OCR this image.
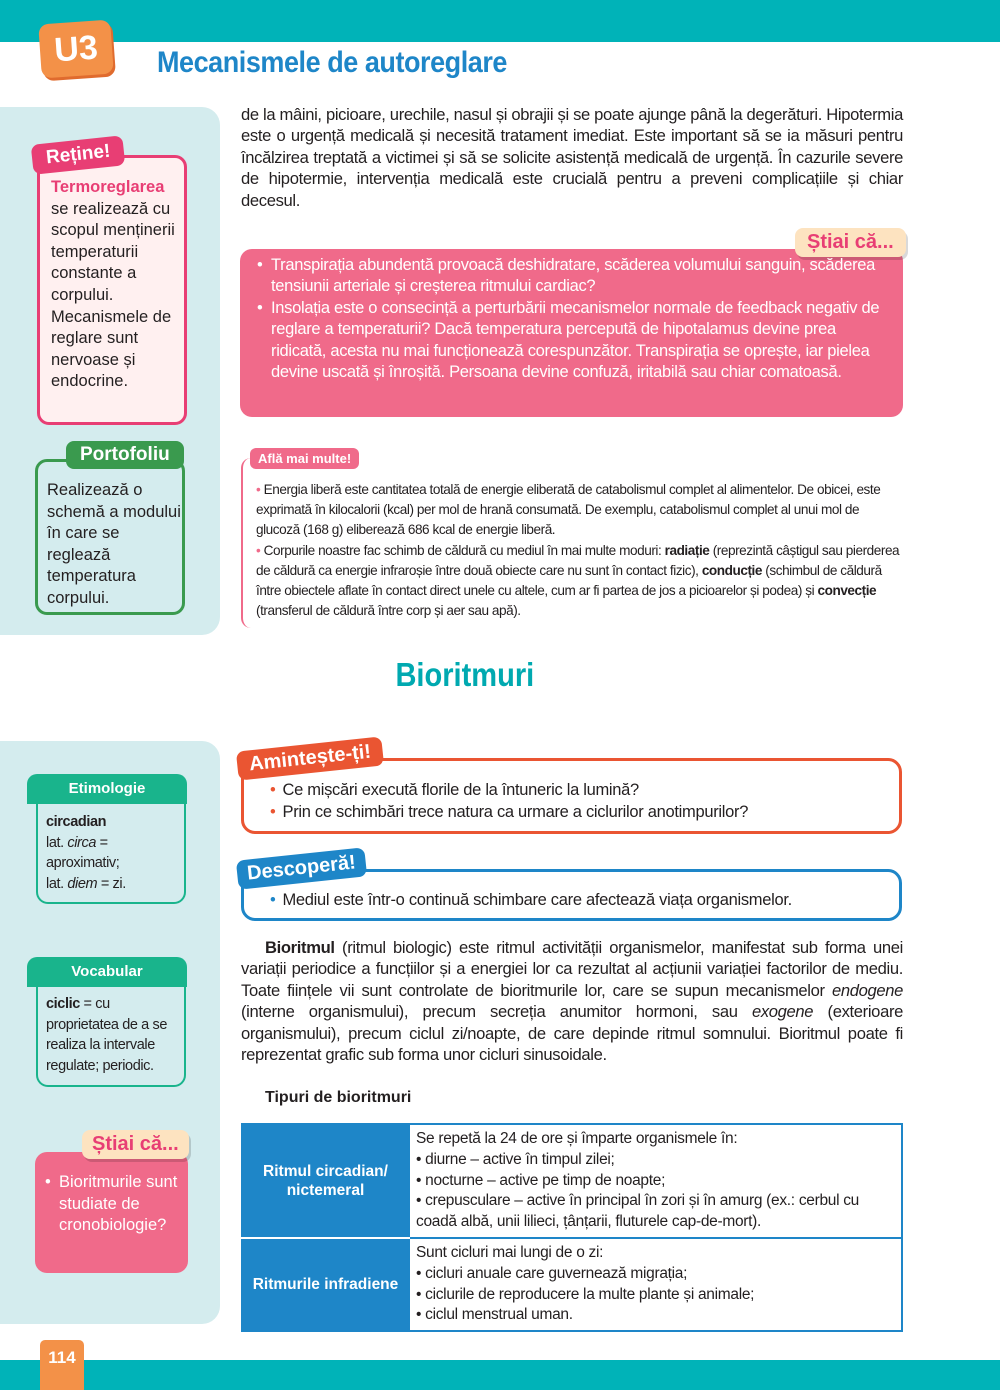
U3	Mecanismele de autoreglare
Reține!
Termoreglarea
se realizează cu scopul menținerii temperaturii constante a corpului. Mecanismele de reglare sunt nervoase și endocrine.
Portofoliu
Realizează o schemă a modului în care se reglează temperatura corpului.

de la mâini, picioare, urechile, nasul și obrajii și se poate ajunge până la degerături. Hipotermia este o urgență medicală și necesită tratament imediat. Este important să se ia măsuri pentru încălzirea treptată a victimei și să se solicite asistență medicală de urgență. În cazurile severe de hipotermie, intervenția medicală este crucială pentru a preveni complicațiile și chiar decesul.

Știai că...
• Transpirația abundentă provoacă deshidratare, scăderea volumului sanguin, scăderea tensiunii arteriale și creșterea ritmului cardiac?
• Insolația este o consecință a perturbării mecanismelor normale de feedback negativ de reglare a temperaturii? Dacă temperatura percepută de hipotalamus devine prea ridicată, acesta nu mai funcționează corespunzător. Transpirația se oprește, iar pielea devine uscată și înroșită. Persoana devine confuză, iritabilă sau chiar comatoasă.
Află mai multe!
• Energia liberă este cantitatea totală de energie eliberată de catabolismul complet al alimentelor. De obicei, este exprimată în kilocalorii (kcal) per mol de hrană consumată. De exemplu, catabolismul complet al unui mol de glucoză (168 g) eliberează 686 kcal de energie liberă.
• Corpurile noastre fac schimb de căldură cu mediul în mai multe moduri: radiație (reprezintă câștigul sau pierderea de căldură ca energie infraroșie între două obiecte care nu sunt în contact fizic), conducție (schimbul de căldură între obiectele aflate în contact direct unele cu altele, cum ar fi partea de jos a picioarelor și podea) și convecție (transferul de căldură între corp și aer sau apă).
Bioritmuri
Etimologie
circadian
lat. circa = aproximativ;
lat. diem = zi.
Vocabular
ciclic = cu proprietatea de a se realiza la intervale regulate; periodic.
Știai că...
• Bioritmurile sunt studiate de cronobiologie?
Amintește-ți!
• Ce mișcări execută florile de la întuneric la lumină?
• Prin ce schimbări trece natura ca urmare a ciclurilor anotimpurilor?
Descoperă!
• Mediul este într-o continuă schimbare care afectează viața organismelor.

Bioritmul (ritmul biologic) este ritmul activității organismelor, manifestat sub forma unei variații periodice a funcțiilor și a energiei lor ca rezultat al acțiunii variației factorilor de mediu. Toate ființele vii sunt controlate de bioritmurile lor, care se supun mecanismelor endogene (interne organismului), precum secreția anumitor hormoni, sau exogene (exterioare organismului), precum ciclul zi/noapte, de care depinde ritmul somnului. Bioritmul poate fi reprezentat grafic sub forma unor cicluri sinusoidale.

Tipuri de bioritmuri
Ritmul circadian/ nictemeral	
Se repetă la 24 de ore și împarte organismele în:
• diurne – active în timpul zilei;
• nocturne – active pe timp de noapte;
• crepusculare – active în principal în zori și în amurg (ex.: cerbul cu coadă albă, unii lilieci, țânțarii, fluturele cap-de-mort).

Ritmurile infradiene	
Sunt cicluri mai lungi de o zi:
• cicluri anuale care guvernează migrația;
• ciclurile de reproducere la multe plante și animale;
• ciclul menstrual uman.
114
